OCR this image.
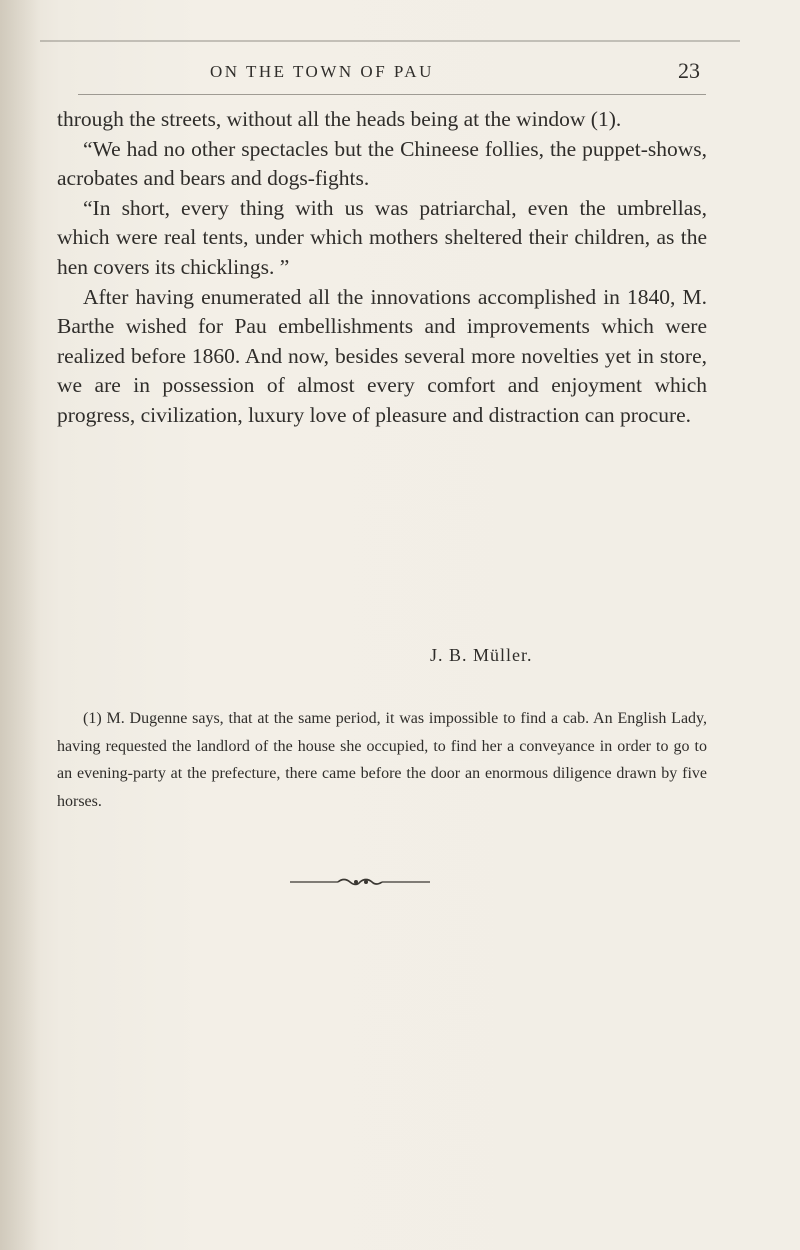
ON THE TOWN OF PAU	23

through the streets, without all the heads being at the window (1).

“We had no other spectacles but the Chineese follies, the puppet-shows, acrobates and bears and dogs-fights.

“In short, every thing with us was patriarchal, even the umbrellas, which were real tents, under which mothers sheltered their children, as the hen covers its chicklings. ”

After having enumerated all the innovations accomplished in 1840, M. Barthe wished for Pau embellishments and improvements which were realized before 1860. And now, besides several more novelties yet in store, we are in possession of almost every comfort and enjoyment which progress, civilization, luxury love of pleasure and distraction can procure.

J. B. Müller.

(1) M. Dugenne says, that at the same period, it was impossible to find a cab. An English Lady, having requested the landlord of the house she occupied, to find her a conveyance in order to go to an evening-party at the prefecture, there came before the door an enormous diligence drawn by five horses.
